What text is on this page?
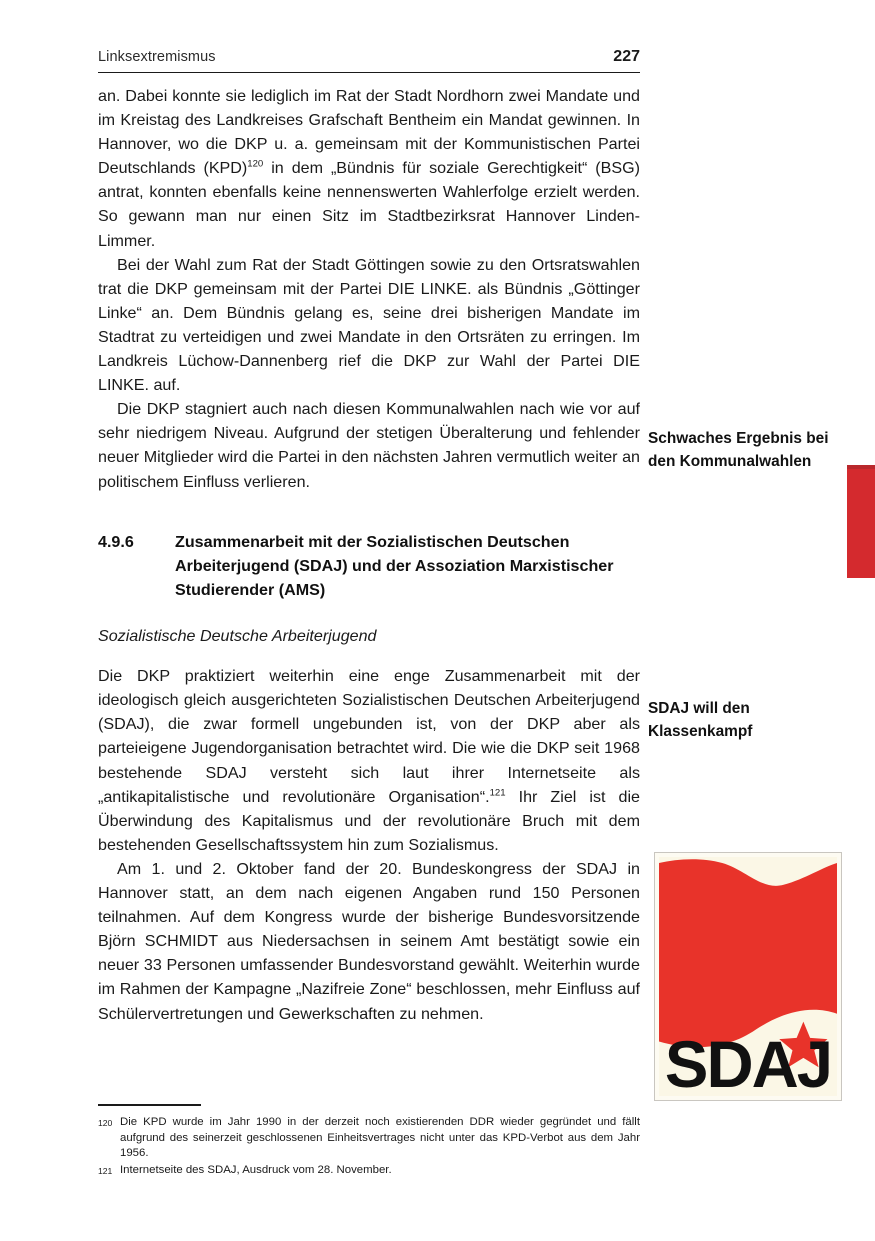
Linksextremismus	227

an. Dabei konnte sie lediglich im Rat der Stadt Nordhorn zwei Mandate und im Kreistag des Landkreises Grafschaft Bentheim ein Mandat gewinnen. In Hannover, wo die DKP u. a. gemeinsam mit der Kommunistischen Partei Deutschlands (KPD)$^{120}$ in dem „Bündnis für soziale Gerechtigkeit“ (BSG) antrat, konnten ebenfalls keine nennenswerten Wahlerfolge erzielt werden. So gewann man nur einen Sitz im Stadtbezirksrat Hannover Linden-Limmer.

Bei der Wahl zum Rat der Stadt Göttingen sowie zu den Ortsratswahlen trat die DKP gemeinsam mit der Partei DIE LINKE. als Bündnis „Göttinger Linke“ an. Dem Bündnis gelang es, seine drei bisherigen Mandate im Stadtrat zu verteidigen und zwei Mandate in den Ortsräten zu erringen. Im Landkreis Lüchow-Dannenberg rief die DKP zur Wahl der Partei DIE LINKE. auf.

Die DKP stagniert auch nach diesen Kommunalwahlen nach wie vor auf sehr niedrigem Niveau. Aufgrund der stetigen Überalterung und fehlender neuer Mitglieder wird die Partei in den nächsten Jahren vermutlich weiter an politischem Einfluss verlieren.

4.9.6	Zusammenarbeit mit der Sozialistischen Deutschen Arbeiterjugend (SDAJ) und der Assoziation Marxistischer Studierender (AMS)
Sozialistische Deutsche Arbeiterjugend

Die DKP praktiziert weiterhin eine enge Zusammenarbeit mit der ideologisch gleich ausgerichteten Sozialistischen Deutschen Arbeiterjugend (SDAJ), die zwar formell ungebunden ist, von der DKP aber als parteieigene Jugendorganisation betrachtet wird. Die wie die DKP seit 1968 bestehende SDAJ versteht sich laut ihrer Internetseite als „antikapitalistische und revolutionäre Organisation“.$^{121}$ Ihr Ziel ist die Überwindung des Kapitalismus und der revolutionäre Bruch mit dem bestehenden Gesellschaftssystem hin zum Sozialismus.

Am 1. und 2. Oktober fand der 20. Bundeskongress der SDAJ in Hannover statt, an dem nach eigenen Angaben rund 150 Personen teilnahmen. Auf dem Kongress wurde der bisherige Bundesvorsitzende Björn SCHMIDT aus Niedersachsen in seinem Amt bestätigt sowie ein neuer 33 Personen umfassender Bundesvorstand gewählt. Weiterhin wurde im Rahmen der Kampagne „Nazifreie Zone“ beschlossen, mehr Einfluss auf Schülervertretungen und Gewerkschaften zu nehmen.

Schwaches Ergebnis bei den Kommunalwahlen
SDAJ will den Klassenkampf
SDAJ
120 Die KPD wurde im Jahr 1990 in der derzeit noch existierenden DDR wieder gegründet und fällt aufgrund des seinerzeit geschlossenen Einheitsvertrages nicht unter das KPD-Verbot aus dem Jahr 1956.
121 Internetseite des SDAJ, Ausdruck vom 28. November.
